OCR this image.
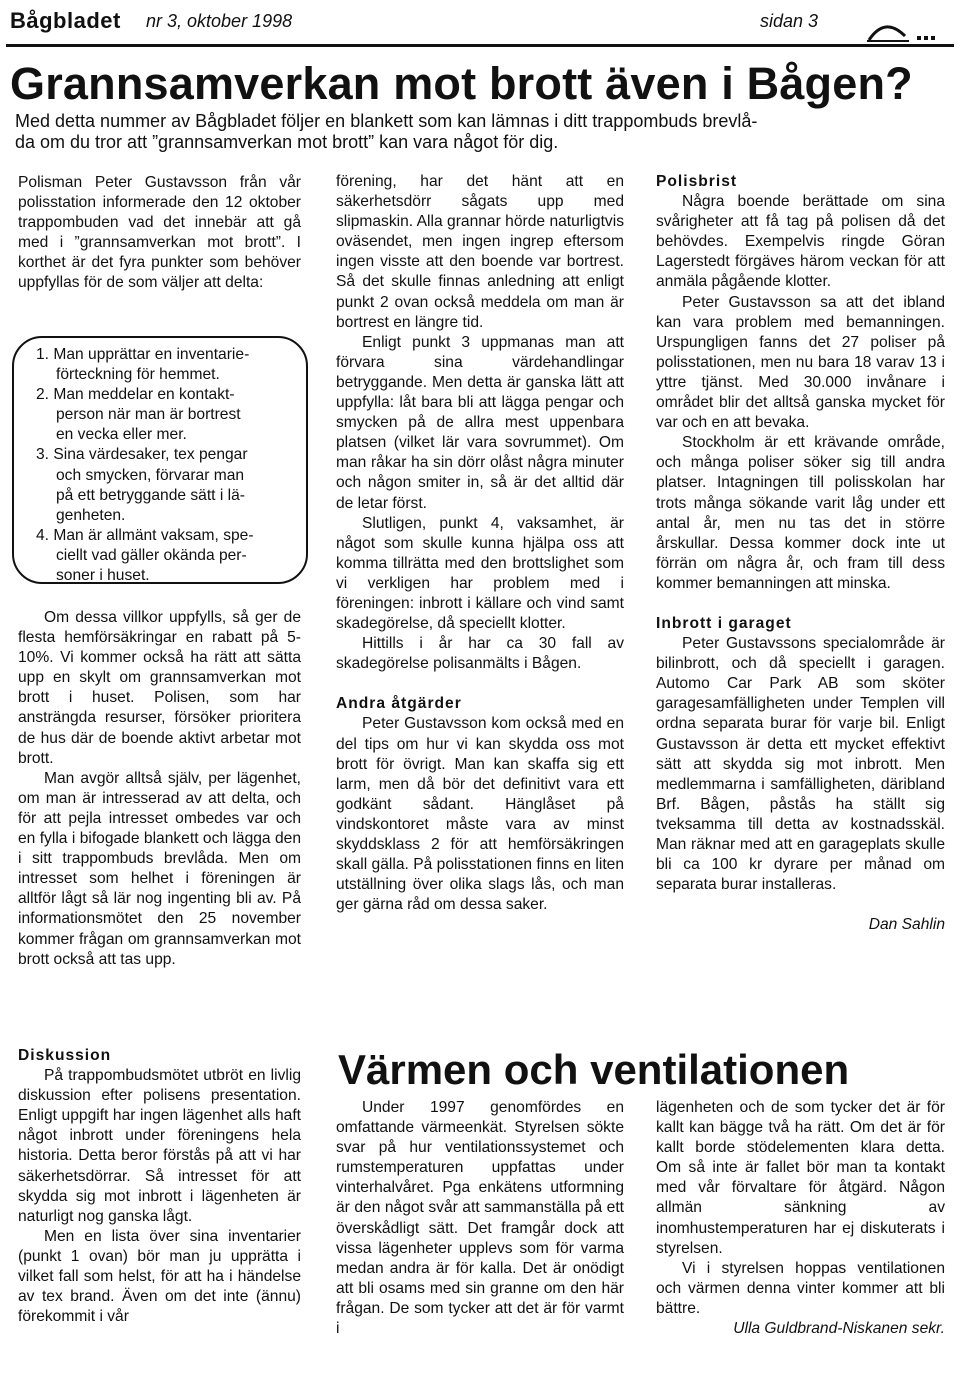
Bågbladet nr 3, oktober 1998	sidan 3
Grannsamverkan mot brott även i Bågen?

Med detta nummer av Bågbladet följer en blankett som kan lämnas i ditt trappombuds brevlå-

da om du tror att ”grannsamverkan mot brott” kan vara något för dig.

Polisman Peter Gustavsson från vår polisstation informerade den 12 oktober trappombuden vad det innebär att gå med i ”grannsamverkan mot brott”. I korthet är det fyra punkter som behöver uppfyllas för de som väljer att delta:

1. Man upprättar en inventarie-

förteckning för hemmet.

2. Man meddelar en kontakt-

person när man är bortrest

en vecka eller mer.

3. Sina värdesaker, tex pengar

och smycken, förvarar man

på ett betryggande sätt i lä-

genheten.

4. Man är allmänt vaksam, spe-

ciellt vad gäller okända per-

soner i huset.

Om dessa villkor uppfylls, så ger de flesta hemförsäkringar en rabatt på 5-10%. Vi kommer också ha rätt att sätta upp en skylt om grannsamverkan mot brott i huset. Polisen, som har ansträngda resurser, försöker prioritera de hus där de boende aktivt arbetar mot brott.

Man avgör alltså själv, per lägenhet, om man är intresserad av att delta, och för att pejla intresset ombedes var och en fylla i bifogade blankett och lägga den i sitt trappombuds brevlåda. Men om intresset som helhet i föreningen är alltför lågt så lär nog ingenting bli av. På informationsmötet den 25 november kommer frågan om grannsamverkan mot brott också att tas upp.

Diskussion

På trappombudsmötet utbröt en livlig diskussion efter polisens presentation. Enligt uppgift har ingen lägenhet alls haft något inbrott under föreningens hela historia. Detta beror förstås på att vi har säkerhetsdörrar. Så intresset för att skydda sig mot inbrott i lägenheten är naturligt nog ganska lågt.

Men en lista över sina inventarier (punkt 1 ovan) bör man ju upprätta i vilket fall som helst, för att ha i händelse av tex brand. Även om det inte (ännu) förekommit i vår

förening, har det hänt att en säkerhetsdörr sågats upp med slipmaskin. Alla grannar hörde naturligtvis oväsendet, men ingen ingrep eftersom ingen visste att den boende var bortrest. Så det skulle finnas anledning att enligt punkt 2 ovan också meddela om man är bortrest en längre tid.

Enligt punkt 3 uppmanas man att förvara sina värdehandlingar betryggande. Men detta är ganska lätt att uppfylla: låt bara bli att lägga pengar och smycken på de allra mest uppenbara platsen (vilket lär vara sovrummet). Om man råkar ha sin dörr olåst några minuter och någon smiter in, så är det alltid där de letar först.

Slutligen, punkt 4, vaksamhet, är något som skulle kunna hjälpa oss att komma tillrätta med den brottslighet som vi verkligen har problem med i föreningen: inbrott i källare och vind samt skadegörelse, då speciellt klotter.

Hittills i år har ca 30 fall av skadegörelse polisanmälts i Bågen.

Andra åtgärder

Peter Gustavsson kom också med en del tips om hur vi kan skydda oss mot brott för övrigt. Man kan skaffa sig ett larm, men då bör det definitivt vara ett godkänt sådant. Hänglåset på vindskontoret måste vara av minst skyddsklass 2 för att hemförsäkringen skall gälla. På polisstationen finns en liten utställning över olika slags lås, och man ger gärna råd om dessa saker.

Polisbrist

Några boende berättade om sina svårigheter att få tag på polisen då det behövdes. Exempelvis ringde Göran Lagerstedt förgäves härom veckan för att anmäla pågående klotter.

Peter Gustavsson sa att det ibland kan vara problem med bemanningen. Urspungligen fanns det 27 poliser på polisstationen, men nu bara 18 varav 13 i yttre tjänst. Med 30.000 invånare i området blir det alltså ganska mycket för var och en att bevaka.

Stockholm är ett krävande område, och många poliser söker sig till andra platser. Intagningen till polisskolan har trots många sökande varit låg under ett antal år, men nu tas det in större årskullar. Dessa kommer dock inte ut förrän om några år, och fram till dess kommer bemanningen att minska.

Inbrott i garaget

Peter Gustavssons specialområde är bilinbrott, och då speciellt i garagen. Automo Car Park AB som sköter garagesamfälligheten under Templen vill ordna separata burar för varje bil. Enligt Gustavsson är detta ett mycket effektivt sätt att skydda sig mot inbrott. Men medlemmarna i samfälligheten, däribland Brf. Bågen, påstås ha ställt sig tveksamma till detta av kostnadsskäl. Man räknar med att en garageplats skulle bli ca 100 kr dyrare per månad om separata burar installeras.

Dan Sahlin

Värmen och ventilationen

Under 1997 genomfördes en omfattande värmeenkät. Styrelsen sökte svar på hur ventilationssystemet och rumstemperaturen uppfattas under vinterhalvåret. Pga enkätens utformning är den något svår att sammanställa på ett överskådligt sätt. Det framgår dock att vissa lägenheter upplevs som för varma medan andra är för kalla. Det är onödigt att bli osams med sin granne om den här frågan. De som tycker att det är för varmt i

lägenheten och de som tycker det är för kallt kan bägge två ha rätt. Om det är för kallt borde stödelementen klara detta. Om så inte är fallet bör man ta kontakt med vår förvaltare för åtgärd. Någon allmän sänkning av inomhustemperaturen har ej diskuterats i styrelsen.

Vi i styrelsen hoppas ventilationen och värmen denna vinter kommer att bli bättre.

Ulla Guldbrand-Niskanen sekr.
